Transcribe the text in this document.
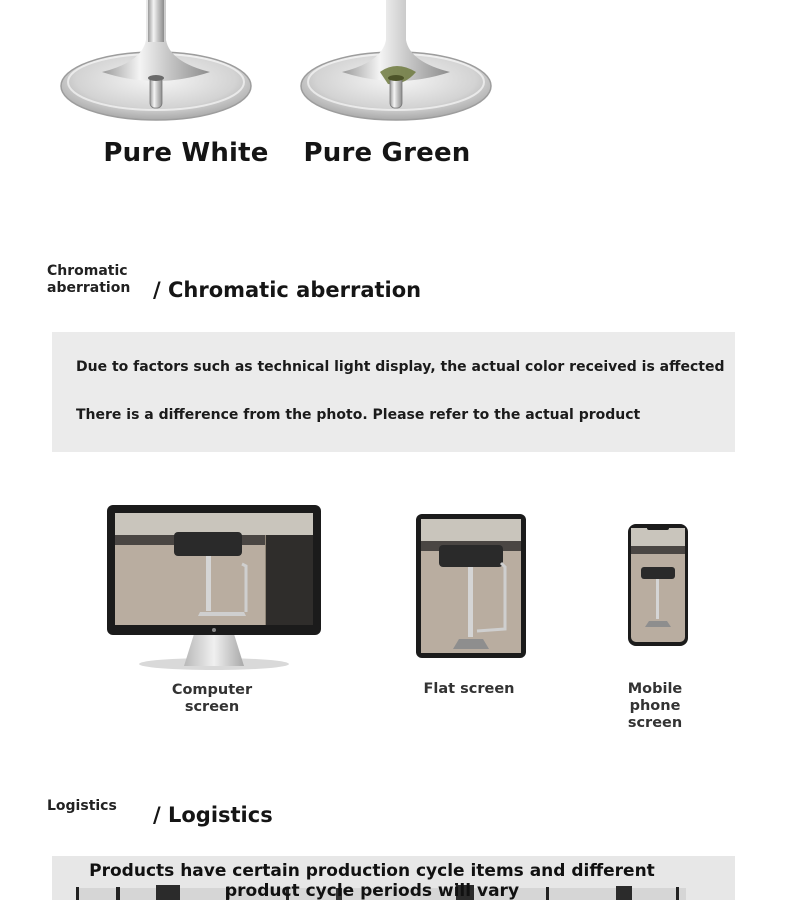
Pure White	Pure Green
Chromatic aberration	/ Chromatic aberration

Due to factors such as technical light display, the actual color received is affected

There is a difference from the photo. Please refer to the actual product

Computer screen
Flat screen	Mobile phone screen
Logistics	/ Logistics
Products have certain production cycle items and different product cycle periods will vary
